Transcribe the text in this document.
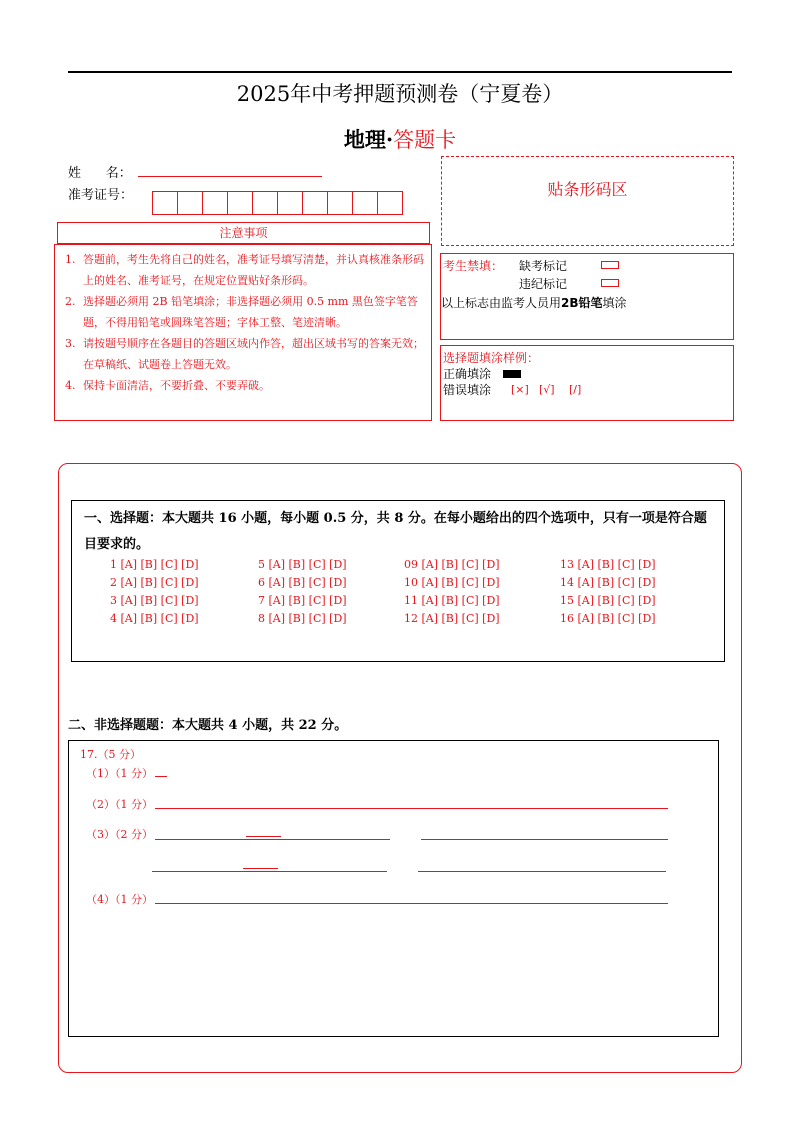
2025年中考押题预测卷（宁夏卷）
地理·答题卡
姓      名：
准考证号：	贴条形码区
注意事项
1. 答题前，考生先将自己的姓名，准考证号填写清楚，并认真核准条形码上的姓名、准考证号，在规定位置贴好条形码。
2. 选择题必须用 2B 铅笔填涂；非选择题必须用 0.5 mm 黑色签字笔答题，不得用铅笔或圆珠笔答题；字体工整、笔迹清晰。
3. 请按题号顺序在各题目的答题区域内作答，超出区域书写的答案无效；在草稿纸、试题卷上答题无效。
4. 保持卡面清洁，不要折叠、不要弄破。
考生禁填： 缺考标记
违纪标记
以上标志由监考人员用2B铅笔填涂
选择题填涂样例：
正确填涂
错误填涂 [×] [√] [/]
一、选择题：本大题共 16 小题，每小题 0.5 分，共 8 分。在每小题给出的四个选项中，只有一项是符合题目要求的。
1 [A] [B] [C] [D]
2 [A] [B] [C] [D]
3 [A] [B] [C] [D]
4 [A] [B] [C] [D]
5 [A] [B] [C] [D]
6 [A] [B] [C] [D]
7 [A] [B] [C] [D]
8 [A] [B] [C] [D]
09 [A] [B] [C] [D]
10 [A] [B] [C] [D]
11 [A] [B] [C] [D]
12 [A] [B] [C] [D]
13 [A] [B] [C] [D]
14 [A] [B] [C] [D]
15 [A] [B] [C] [D]
16 [A] [B] [C] [D]
二、非选择题题：本大题共 4 小题，共 22 分。
17.（5 分）
（1）（1 分）
（2）（1 分）
（3）（2 分）
（4）（1 分）
